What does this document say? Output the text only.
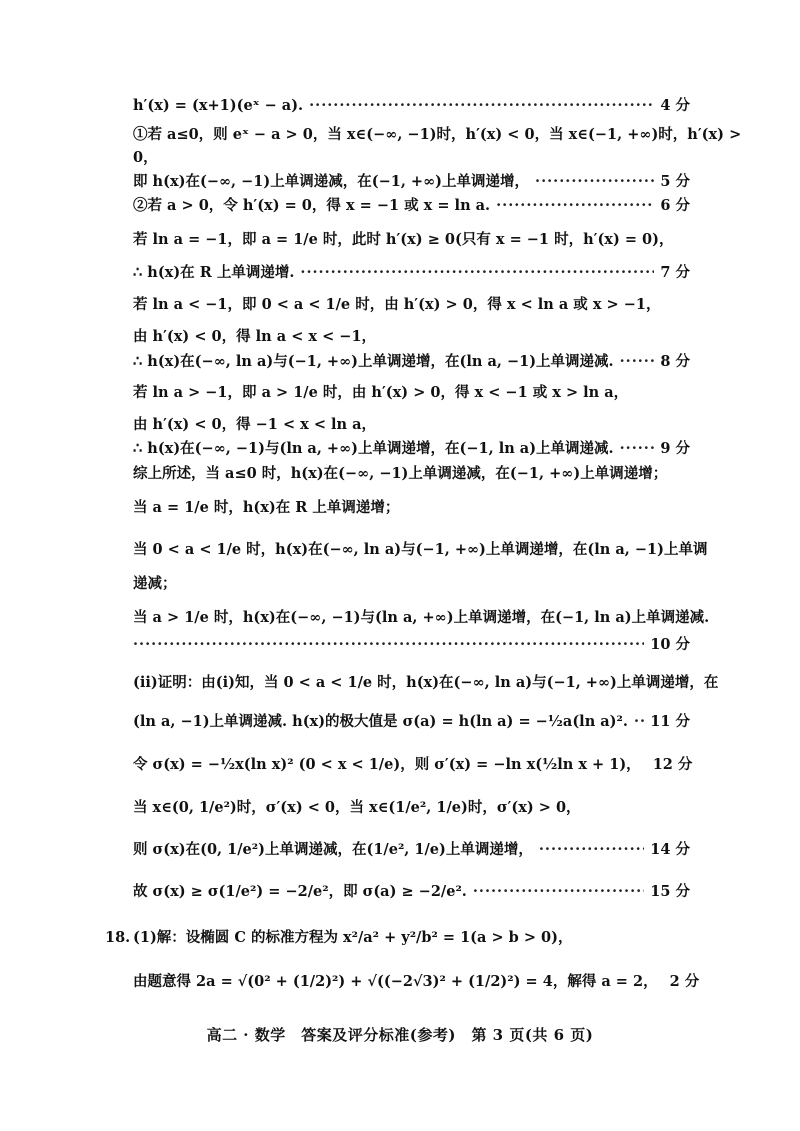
h′(x) = (x+1)(eˣ − a). ·····	4 分
①若 a≤0，则 eˣ − a > 0，当 x∈(−∞, −1)时，h′(x) < 0，当 x∈(−1, +∞)时，h′(x) >
0，
即 h(x)在(−∞, −1)上单调递减，在(−1, +∞)上单调递增， ·····	5 分
②若 a > 0，令 h′(x) = 0，得 x = −1 或 x = ln a. ·····	6 分
若 ln a = −1，即 a = 1/e 时，此时 h′(x) ≥ 0(只有 x = −1 时，h′(x) = 0)，
∴ h(x)在 R 上单调递增. ·····	7 分
若 ln a < −1，即 0 < a < 1/e 时，由 h′(x) > 0，得 x < ln a 或 x > −1，
由 h′(x) < 0，得 ln a < x < −1，
∴ h(x)在(−∞, ln a)与(−1, +∞)上单调递增，在(ln a, −1)上单调递减. ·····	8 分
若 ln a > −1，即 a > 1/e 时，由 h′(x) > 0，得 x < −1 或 x > ln a，
由 h′(x) < 0，得 −1 < x < ln a，
∴ h(x)在(−∞, −1)与(ln a, +∞)上单调递增，在(−1, ln a)上单调递减. ·····	9 分
综上所述，当 a≤0 时，h(x)在(−∞, −1)上单调递减，在(−1, +∞)上单调递增；
当 a = 1/e 时，h(x)在 R 上单调递增；
当 0 < a < 1/e 时，h(x)在(−∞, ln a)与(−1, +∞)上单调递增，在(ln a, −1)上单调
递减；
当 a > 1/e 时，h(x)在(−∞, −1)与(ln a, +∞)上单调递增，在(−1, ln a)上单调递减.
·····
10 分
(ii)证明：由(i)知，当 0 < a < 1/e 时，h(x)在(−∞, ln a)与(−1, +∞)上单调递增，在
(ln a, −1)上单调递减. h(x)的极大值是 σ(a) = h(ln a) = −½a(ln a)². ····· 11 分
令 σ(x) = −½x(ln x)² (0 < x < 1/e)，则 σ′(x) = −ln x(½ln x + 1)， 12 分
当 x∈(0, 1/e²)时，σ′(x) < 0，当 x∈(1/e², 1/e)时，σ′(x) > 0，
则 σ(x)在(0, 1/e²)上单调递减，在(1/e², 1/e)上单调递增， ·····	14 分
故 σ(x) ≥ σ(1/e²) = −2/e²，即 σ(a) ≥ −2/e². ·····	15 分
18. (1)解：设椭圆 C 的标准方程为 x²/a² + y²/b² = 1(a > b > 0)，
由题意得 2a = √(0² + (1/2)²) + √((−2√3)² + (1/2)²) = 4，解得 a = 2， 2 分
高二 · 数学　答案及评分标准(参考)　第 3 页(共 6 页)
